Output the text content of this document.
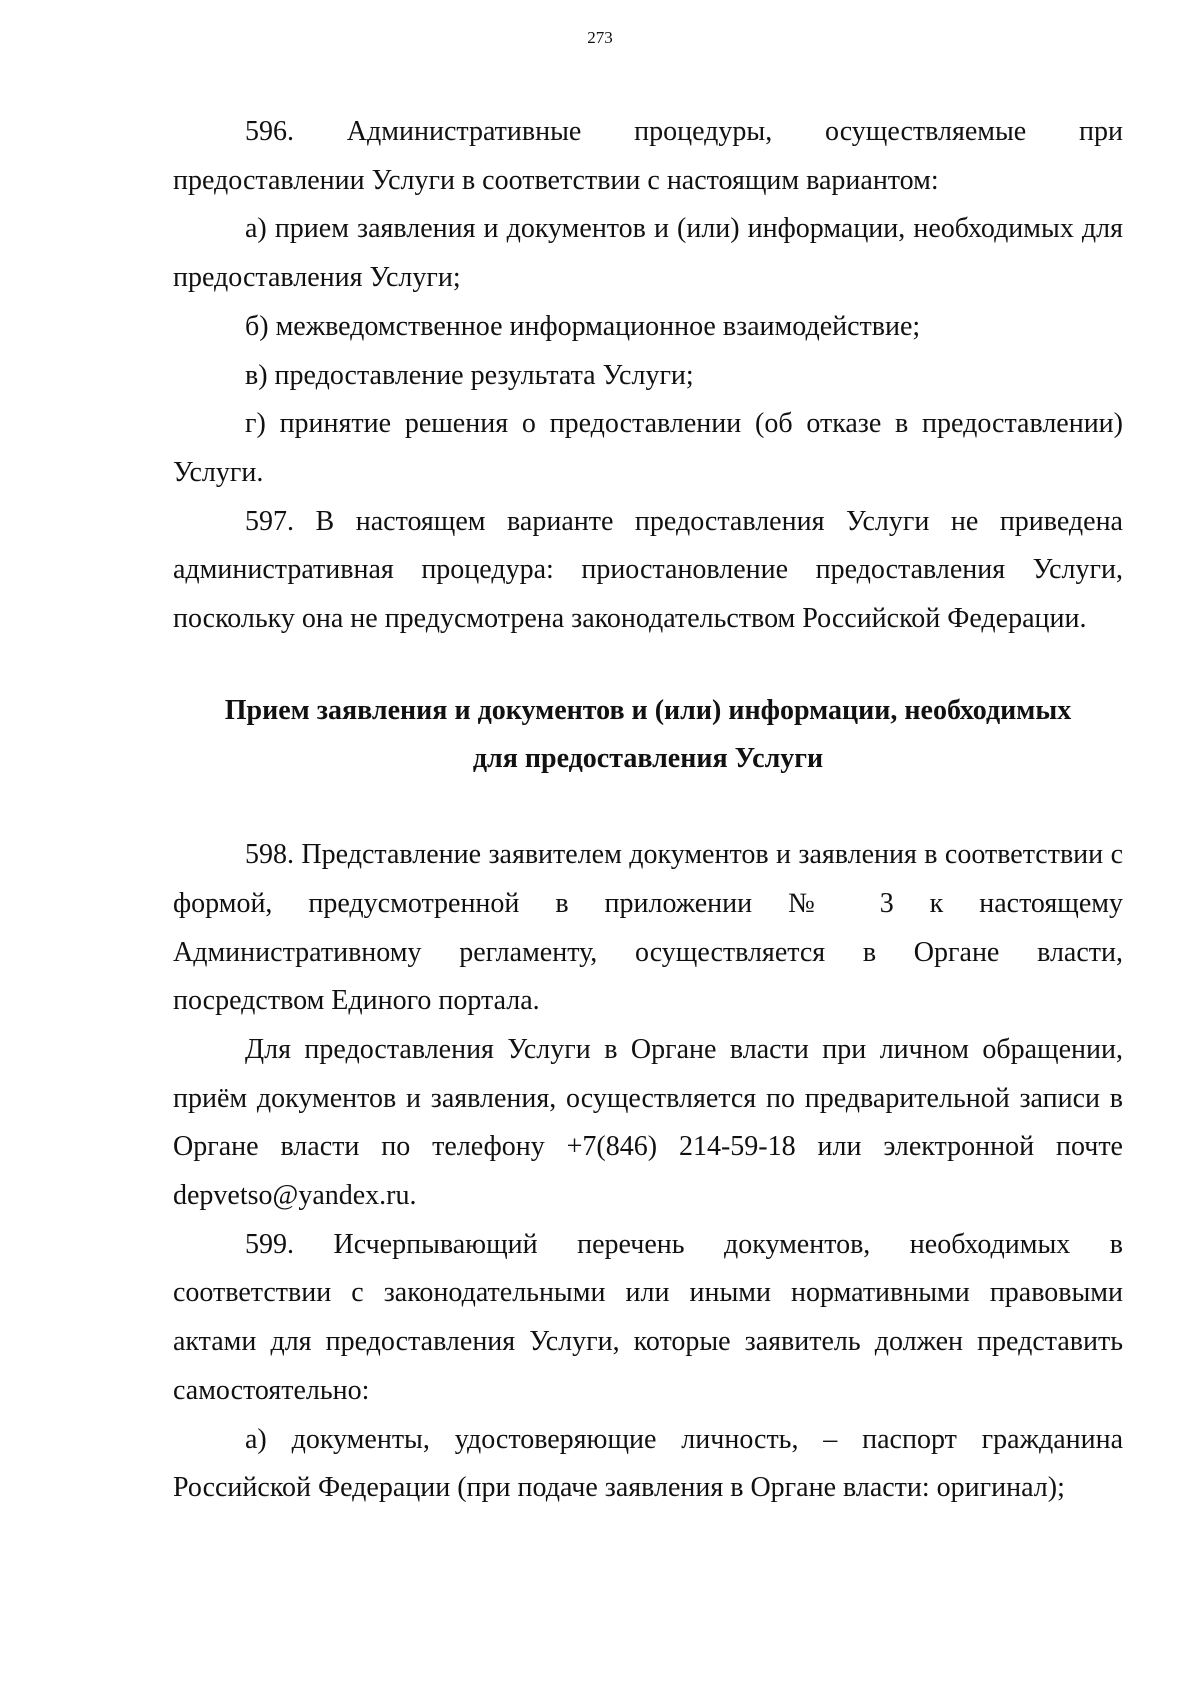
273

596. Административные процедуры, осуществляемые при предоставлении Услуги в соответствии с настоящим вариантом:

а) прием заявления и документов и (или) информации, необходимых для предоставления Услуги;

б) межведомственное информационное взаимодействие;

в) предоставление результата Услуги;

г) принятие решения о предоставлении (об отказе в предоставлении) Услуги.

597. В настоящем варианте предоставления Услуги не приведена административная процедура: приостановление предоставления Услуги, поскольку она не предусмотрена законодательством Российской Федерации.

Прием заявления и документов и (или) информации, необходимых

для предоставления Услуги

598. Представление заявителем документов и заявления в соответствии с формой, предусмотренной в приложении № 3 к настоящему Административному регламенту, осуществляется в Органе власти, посредством Единого портала.

Для предоставления Услуги в Органе власти при личном обращении, приём документов и заявления, осуществляется по предварительной записи в Органе власти по телефону +7(846) 214-59-18 или электронной почте depvetso@yandex.ru.

599. Исчерпывающий перечень документов, необходимых в соответствии с законодательными или иными нормативными правовыми актами для предоставления Услуги, которые заявитель должен представить самостоятельно:

а) документы, удостоверяющие личность, – паспорт гражданина Российской Федерации (при подаче заявления в Органе власти: оригинал);
